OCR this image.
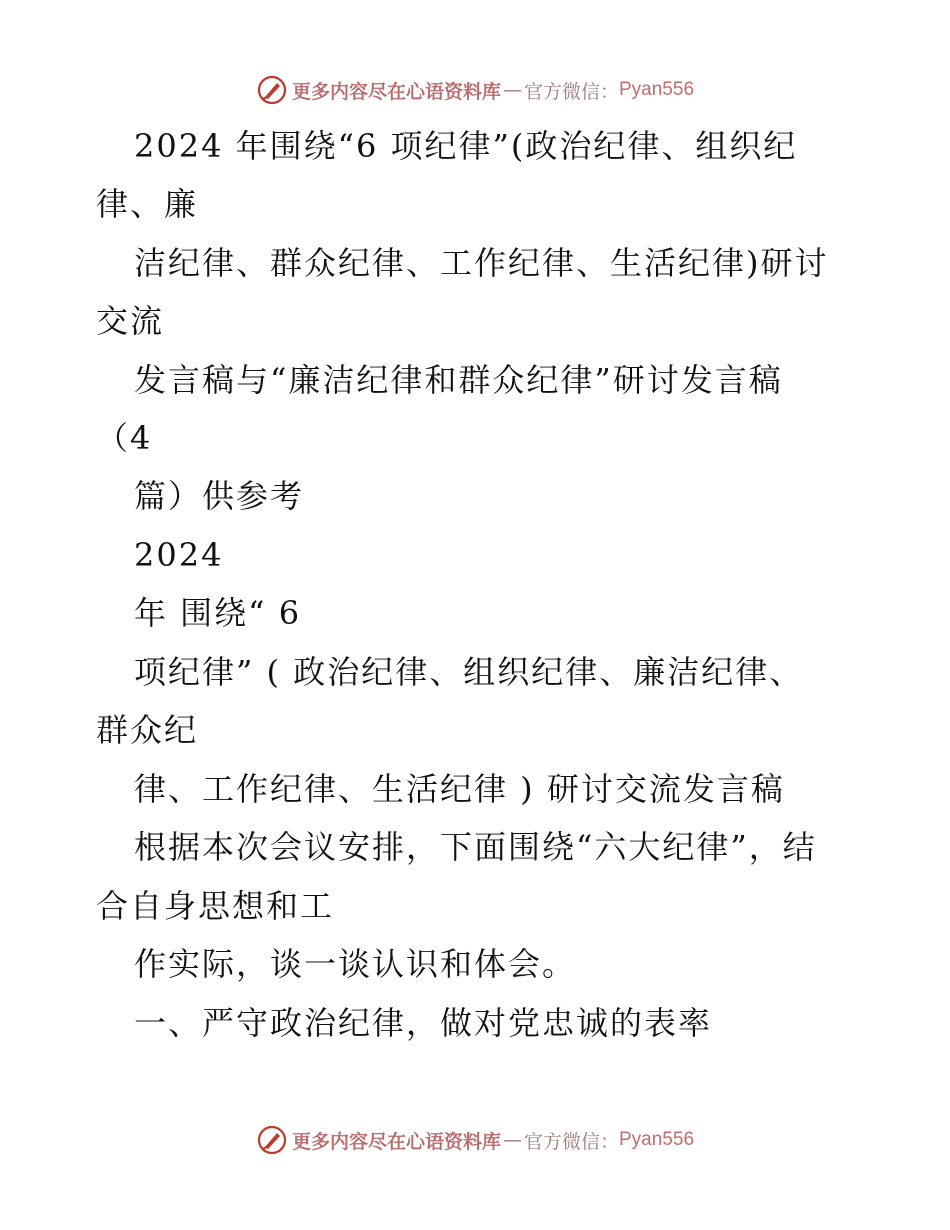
更多内容尽在心语资料库 — 官方微信： Pyan556
2024 年围绕“6 项纪律”(政治纪律、组织纪
律、廉
洁纪律、群众纪律、工作纪律、生活纪律)研讨
交流
发言稿与“廉洁纪律和群众纪律”研讨发言稿
（4
篇）供参考
2024
年 围绕“ 6
项纪律” ( 政治纪律、组织纪律、廉洁纪律、
群众纪
律、工作纪律、生活纪律 ) 研讨交流发言稿
根据本次会议安排，下面围绕“六大纪律”，结
合自身思想和工
作实际，谈一谈认识和体会。
一、严守政治纪律，做对党忠诚的表率
更多内容尽在心语资料库 — 官方微信： Pyan556
